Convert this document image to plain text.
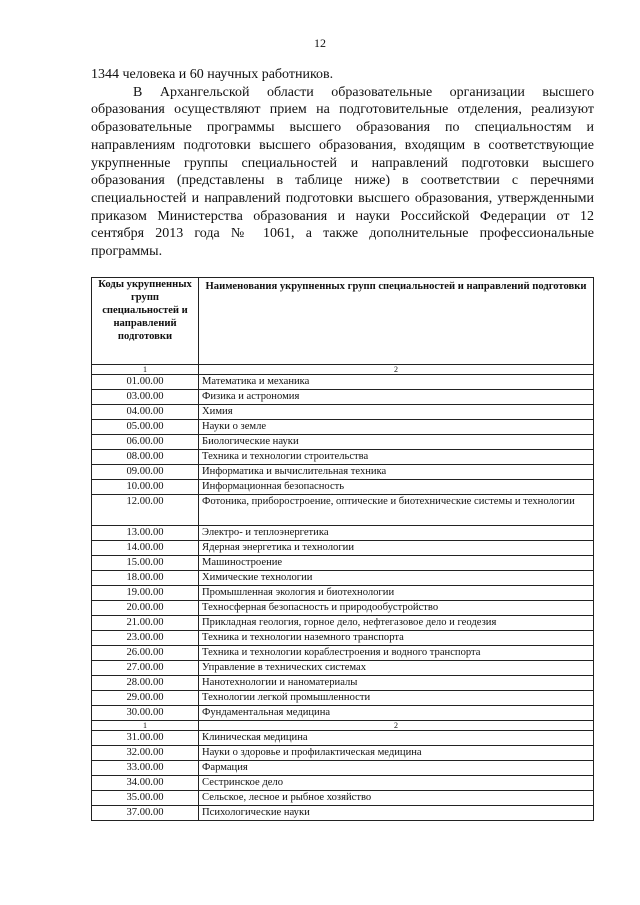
12

1344 человека и 60 научных работников.

В Архангельской области образовательные организации высшего образования осуществляют прием на подготовительные отделения, реализуют образовательные программы высшего образования по специальностям и направлениям подготовки высшего образования, входящим в соответствующие укрупненные группы специальностей и направлений подготовки высшего образования (представлены в таблице ниже) в соответствии с перечнями специальностей и направлений подготовки высшего образования, утвержденными приказом Министерства образования и науки Российской Федерации от 12 сентября 2013 года № 1061, а также дополнительные профессиональные программы.

Коды укрупненных групп специальностей и направлений подготовки	Наименования укрупненных групп специальностей и направлений подготовки
1	2
01.00.00	Математика и механика
03.00.00	Физика и астрономия
04.00.00	Химия
05.00.00	Науки о земле
06.00.00	Биологические науки
08.00.00	Техника и технологии строительства
09.00.00	Информатика и вычислительная техника
10.00.00	Информационная безопасность
12.00.00	Фотоника, приборостроение, оптические и биотехнические системы и технологии
13.00.00	Электро- и теплоэнергетика
14.00.00	Ядерная энергетика и технологии
15.00.00	Машиностроение
18.00.00	Химические технологии
19.00.00	Промышленная экология и биотехнологии
20.00.00	Техносферная безопасность и природообустройство
21.00.00	Прикладная геология, горное дело, нефтегазовое дело и геодезия
23.00.00	Техника и технологии наземного транспорта
26.00.00	Техника и технологии кораблестроения и водного транспорта
27.00.00	Управление в технических системах
28.00.00	Нанотехнологии и наноматериалы
29.00.00	Технологии легкой промышленности
30.00.00	Фундаментальная медицина
1	2
31.00.00	Клиническая медицина
32.00.00	Науки о здоровье и профилактическая медицина
33.00.00	Фармация
34.00.00	Сестринское дело
35.00.00	Сельское, лесное и рыбное хозяйство
37.00.00	Психологические науки
